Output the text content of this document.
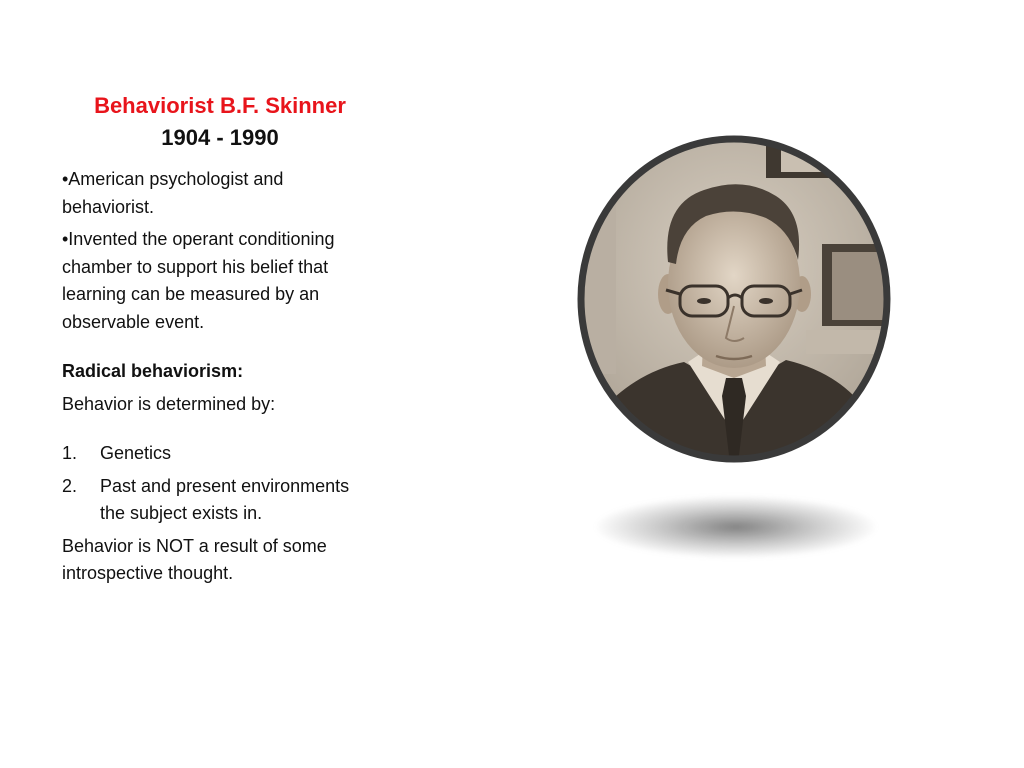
Behaviorist B.F. Skinner
1904 - 1990

•American psychologist and behaviorist.

•Invented the operant conditioning chamber to support his belief that learning can be measured by an observable event.

Radical behaviorism:

Behavior is determined by:

1.	Genetics
2.	Past and present environments the subject exists in.

Behavior is NOT a result of some introspective thought.
